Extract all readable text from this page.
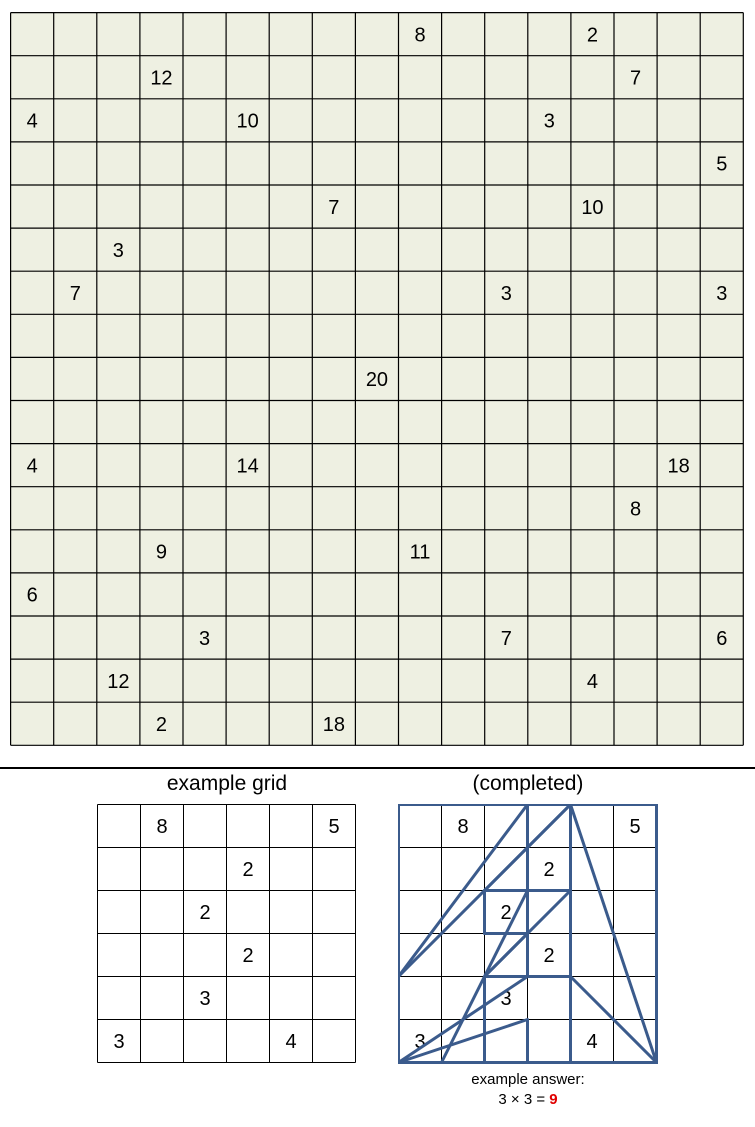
8	2
12	7
4	10	3
5
7	10
3
7	3	3
20
4	14	18
8
9	11
6
3	7	6
12	4
2	18
example grid	(completed)
8	5
2
2
2
3
3	4
8	5
2
2
2
3
3	4
example answer:
3 × 3 = 9
